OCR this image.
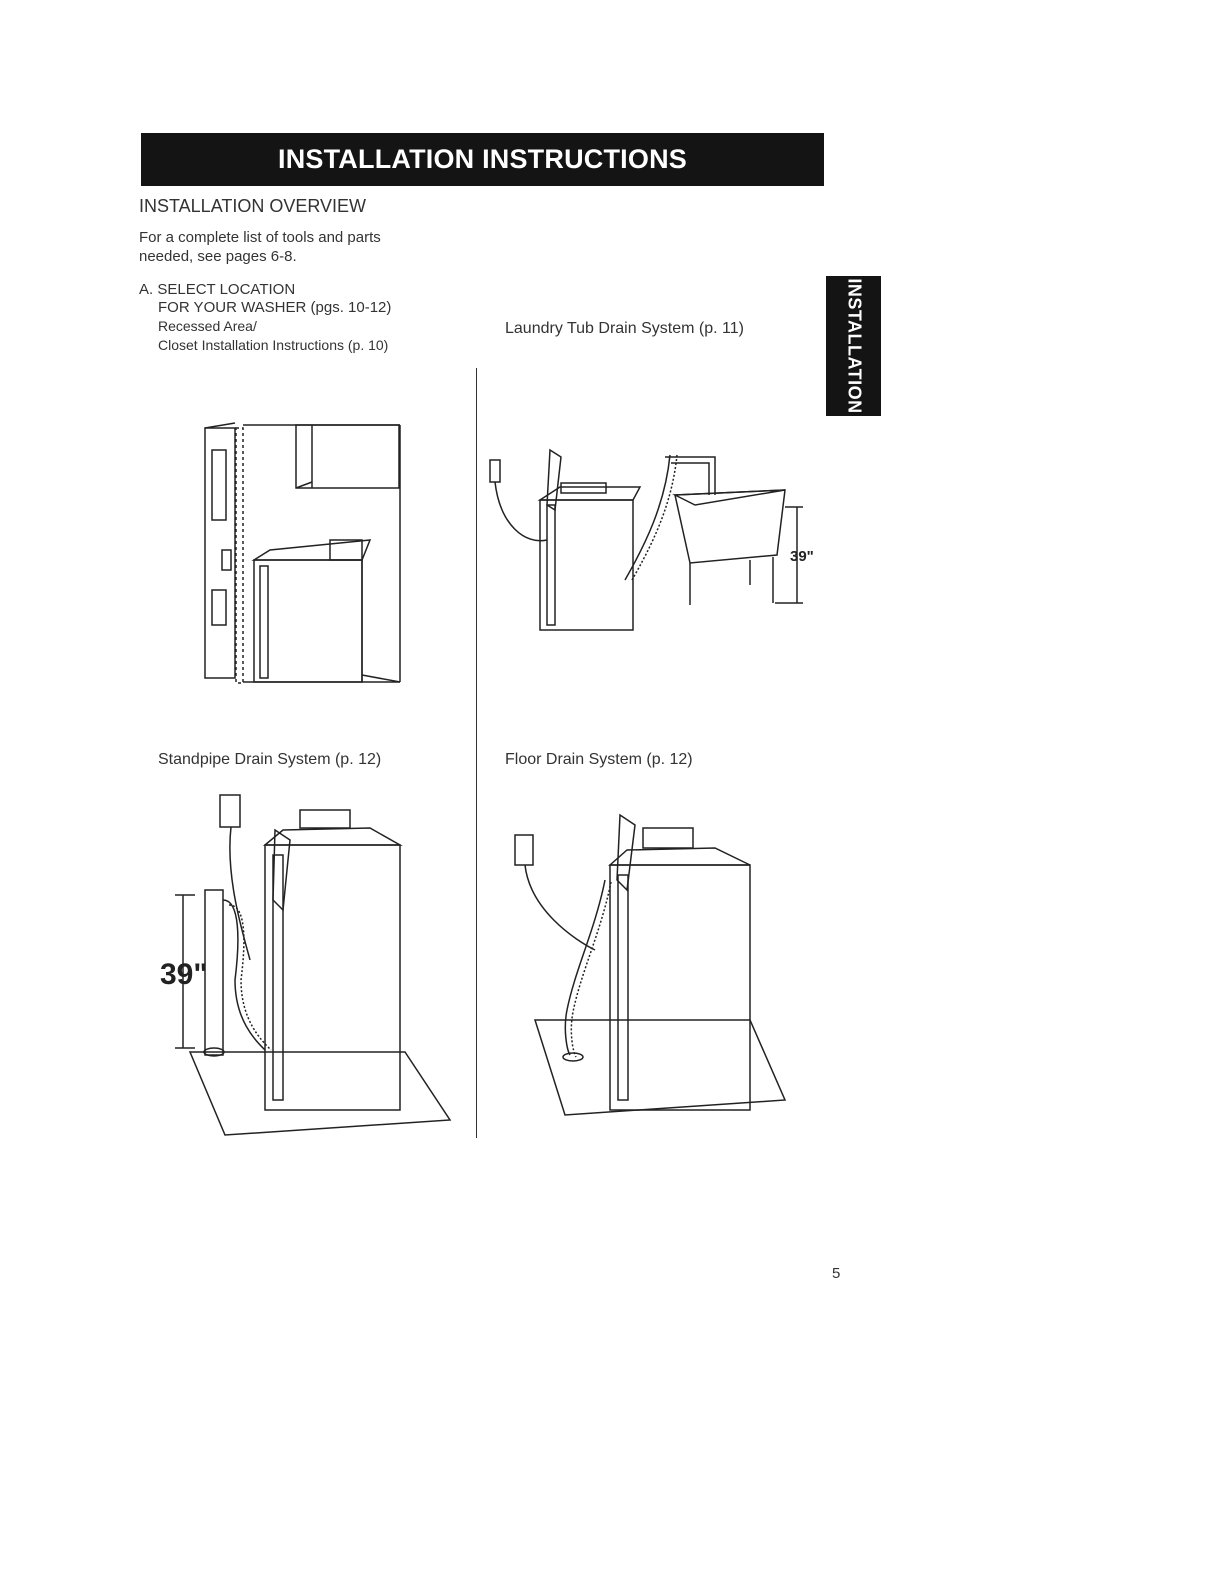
INSTALLATION INSTRUCTIONS
INSTALLATION
INSTALLATION OVERVIEW
For a complete list of tools and parts
needed, see pages 6-8.
A. SELECT LOCATION
FOR YOUR WASHER (pgs. 10-12)
Recessed Area/
Closet Installation Instructions (p. 10)
Laundry Tub Drain System (p. 11)
Standpipe Drain System (p. 12)	Floor Drain System (p. 12)
39"
39"
5
